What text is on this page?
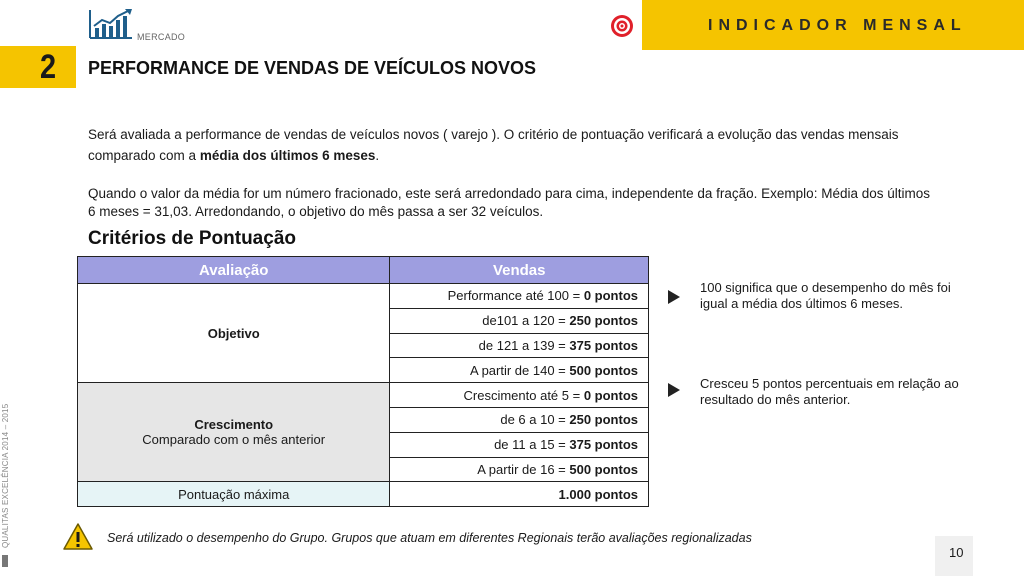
MERCADO
INDICADOR MENSAL
2 PERFORMANCE DE VENDAS DE VEÍCULOS NOVOS
Será avaliada a performance de vendas de veículos novos ( varejo ). O critério de pontuação verificará a evolução das vendas mensais comparado com a média dos últimos 6 meses.
Quando o valor da média for um número fracionado, este será arredondado para cima, independente da fração. Exemplo: Média dos últimos 6 meses = 31,03. Arredondando, o objetivo do mês passa a ser 32 veículos.
Critérios de Pontuação
Avaliação	Vendas
Objetivo	Performance até 100 = 0 pontos
	de101 a 120 = 250 pontos
	de 121 a 139 = 375 pontos
	A partir de 140 = 500 pontos

Crescimento
Comparado com o mês anterior	Crescimento até 5 = 0 pontos
	de 6 a 10 = 250 pontos
	de 11 a 15 = 375 pontos
	A partir de 16 = 500 pontos
Pontuação máxima	1.000 pontos
100 significa que o desempenho do mês foi igual a média dos últimos 6 meses.
Cresceu 5 pontos percentuais em relação ao resultado do mês anterior.
Será utilizado o desempenho do Grupo. Grupos que atuam em diferentes Regionais terão avaliações regionalizadas
QUALITAS EXCELÊNCIA 2014 – 2015
10
